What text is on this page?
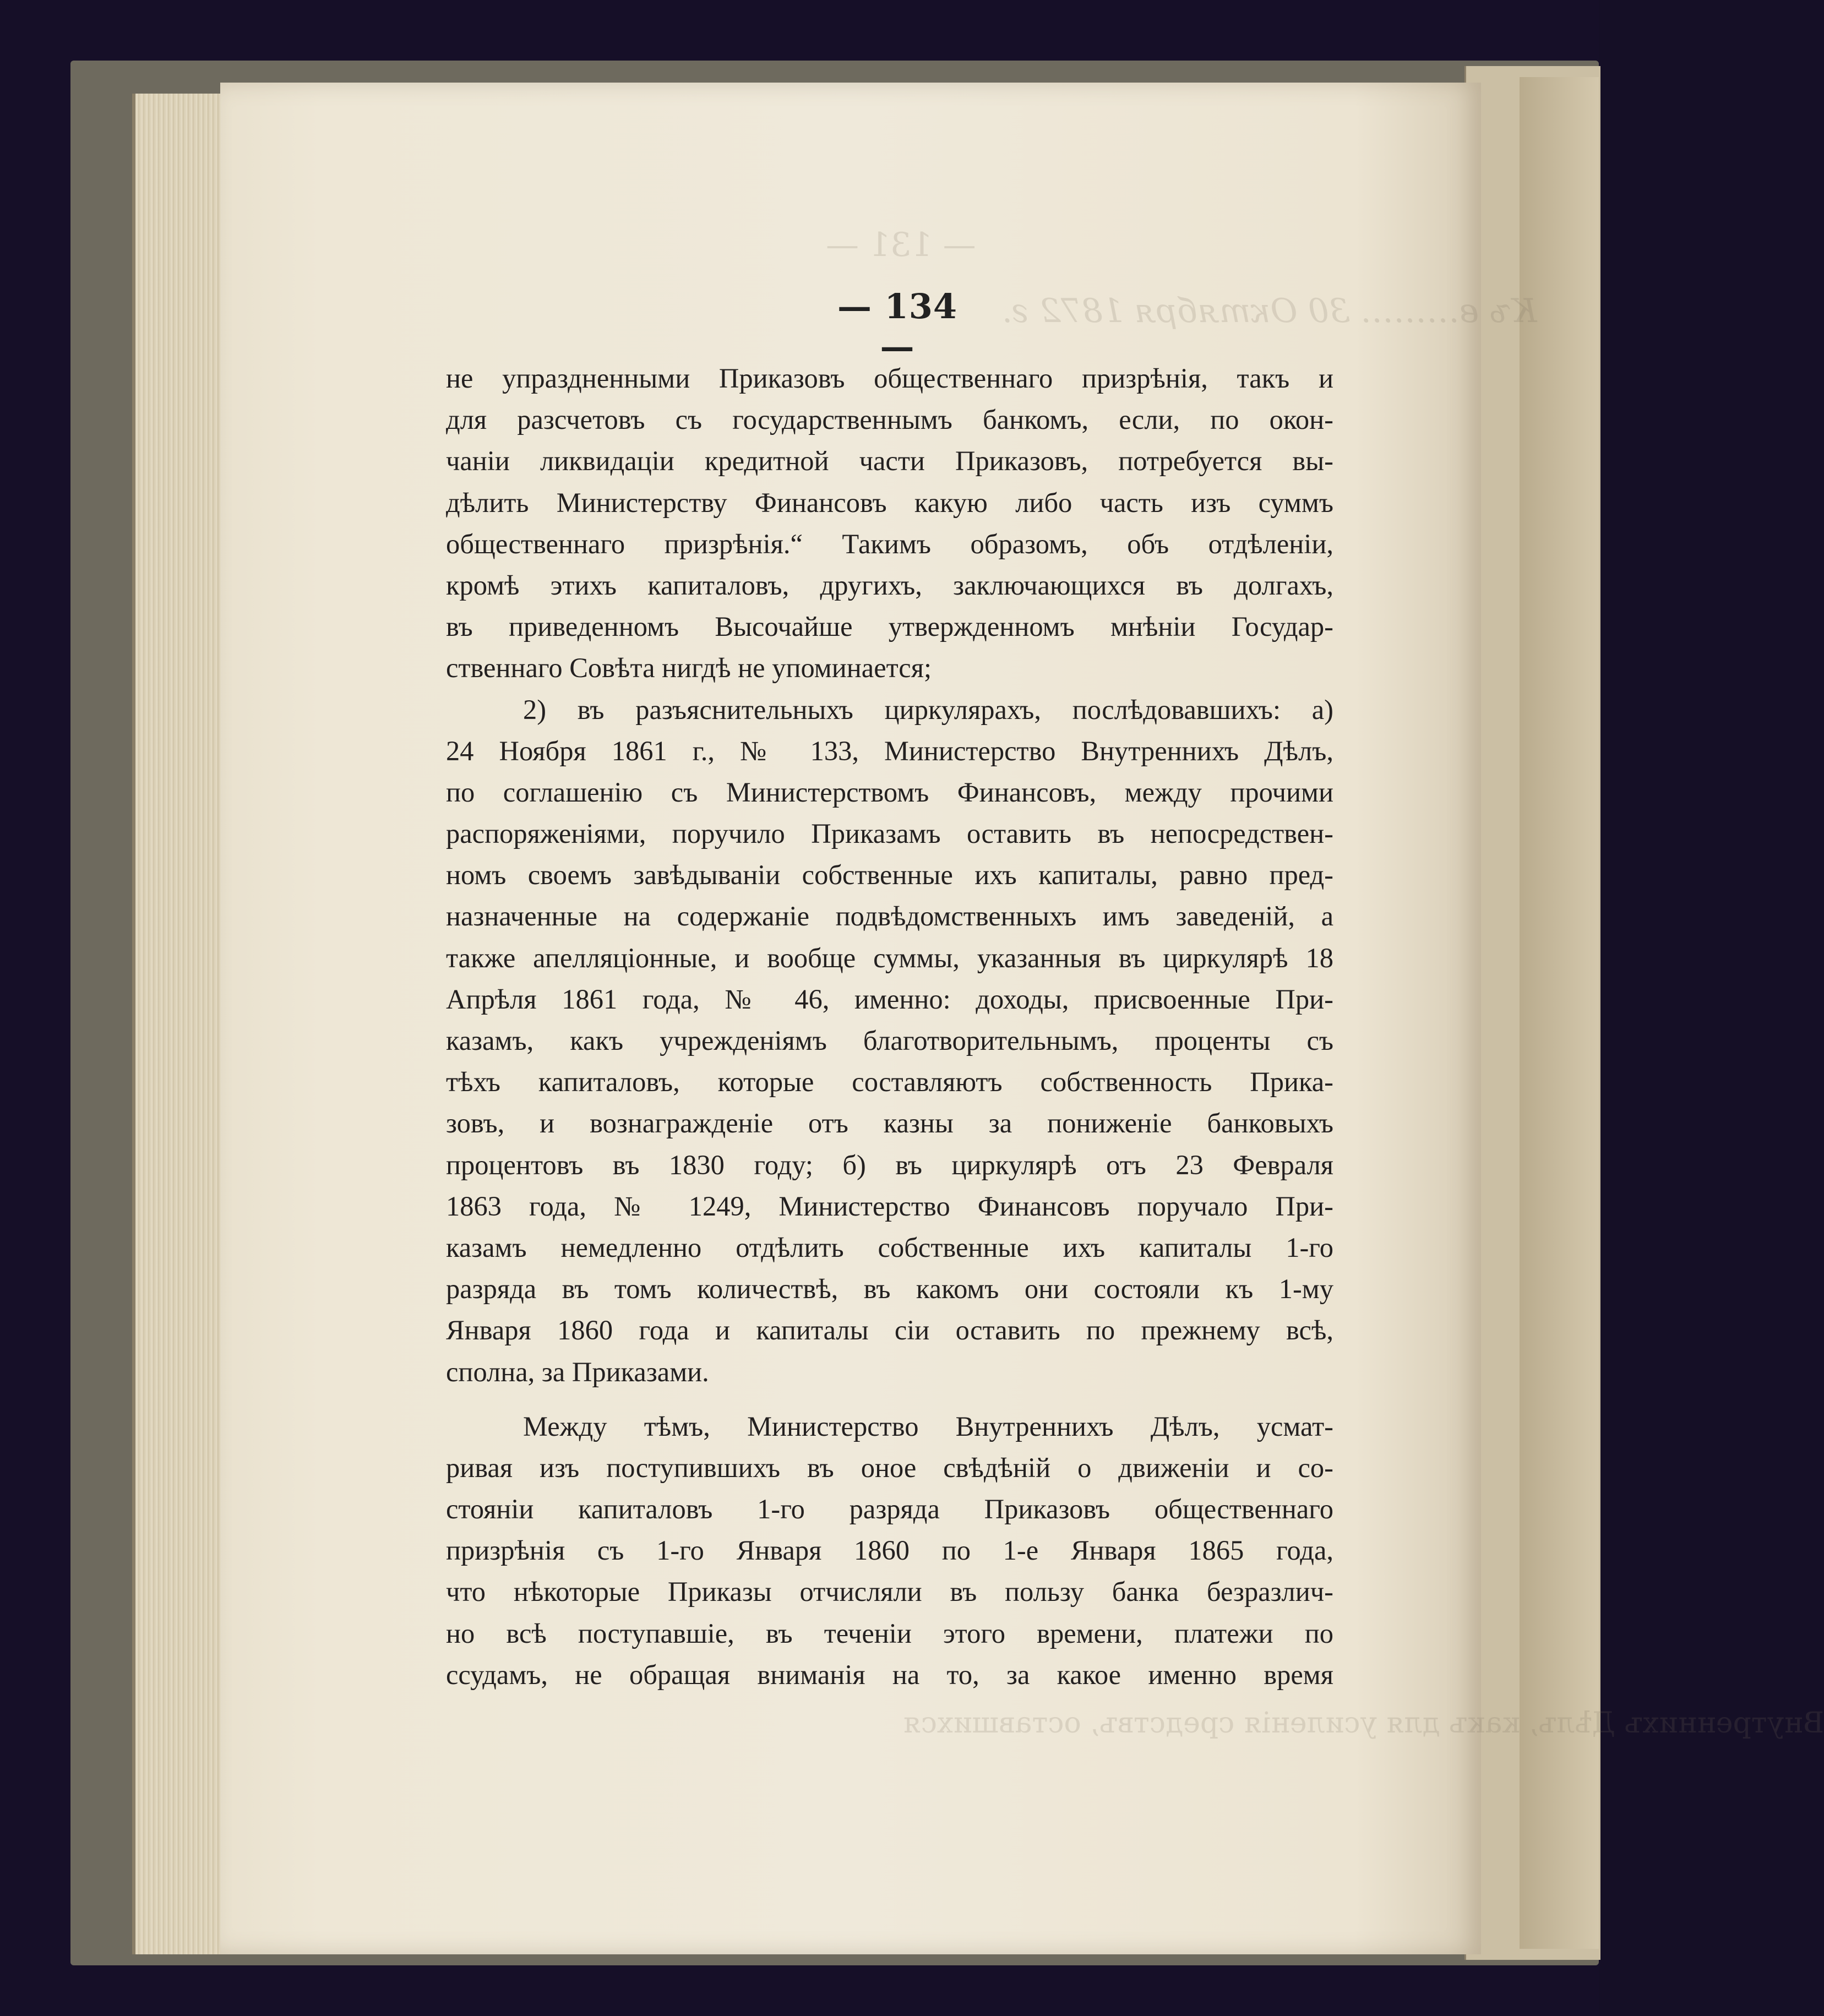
— 131 —
Къ в……… 30 Октября 1872 г.
Внутреннихъ Дѣлъ, какъ для усиленія средствъ, оставшихся
— 134 —
не упраздненными Приказовъ общественнаго призрѣнія, такъ и
для разсчетовъ съ государственнымъ банкомъ, если, по окон-
чаніи ликвидаціи кредитной части Приказовъ, потребуется вы-
дѣлить Министерству Финансовъ какую либо часть изъ суммъ
общественнаго призрѣнія.“ Такимъ образомъ, объ отдѣленіи,
кромѣ этихъ капиталовъ, другихъ, заключающихся въ долгахъ,
въ приведенномъ Высочайше утвержденномъ мнѣніи Государ-
ственнаго Совѣта нигдѣ не упоминается;
2) въ разъяснительныхъ циркулярахъ, послѣдовавшихъ: а)
24 Ноября 1861 г., № 133, Министерство Внутреннихъ Дѣлъ,
по соглашенію съ Министерствомъ Финансовъ, между прочими
распоряженіями, поручило Приказамъ оставить въ непосредствен-
номъ своемъ завѣдываніи собственные ихъ капиталы, равно пред-
назначенные на содержаніе подвѣдомственныхъ имъ заведеній, а
также апелляціонные, и вообще суммы, указанныя въ циркулярѣ 18
Апрѣля 1861 года, № 46, именно: доходы, присвоенные При-
казамъ, какъ учрежденіямъ благотворительнымъ, проценты съ
тѣхъ капиталовъ, которые составляютъ собственность Прика-
зовъ, и вознагражденіе отъ казны за пониженіе банковыхъ
процентовъ въ 1830 году; б) въ циркулярѣ отъ 23 Февраля
1863 года, № 1249, Министерство Финансовъ поручало При-
казамъ немедленно отдѣлить собственные ихъ капиталы 1-го
разряда въ томъ количествѣ, въ какомъ они состояли къ 1-му
Января 1860 года и капиталы сіи оставить по прежнему всѣ,
сполна, за Приказами.
Между тѣмъ, Министерство Внутреннихъ Дѣлъ, усмат-
ривая изъ поступившихъ въ оное свѣдѣній о движеніи и со-
стояніи капиталовъ 1-го разряда Приказовъ общественнаго
призрѣнія съ 1-го Января 1860 по 1-е Января 1865 года,
что нѣкоторые Приказы отчисляли въ пользу банка безразлич-
но всѣ поступавшіе, въ теченіи этого времени, платежи по
ссудамъ, не обращая вниманія на то, за какое именно время
